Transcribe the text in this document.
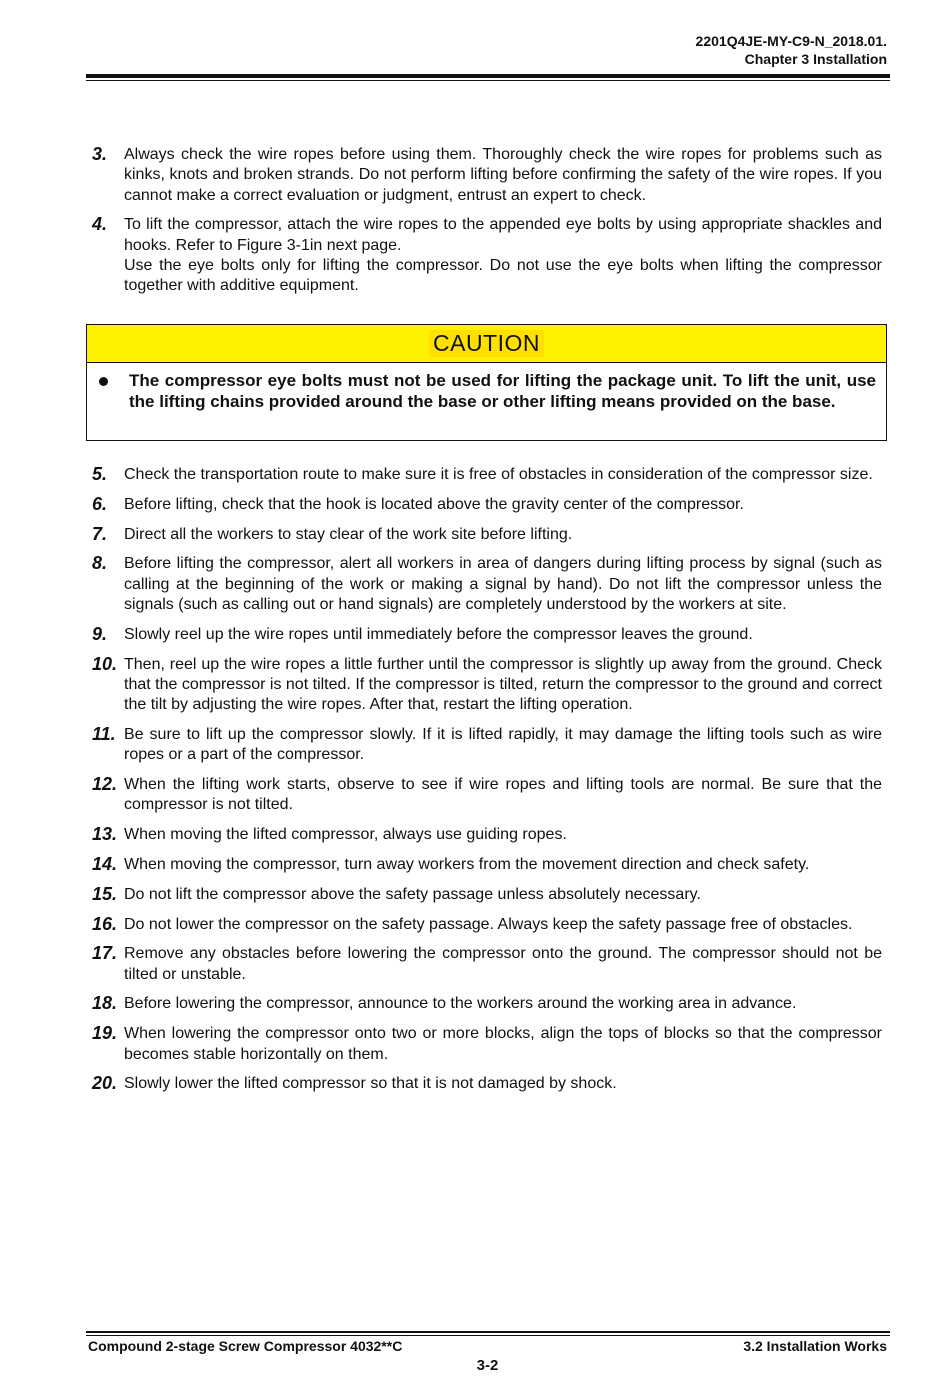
2201Q4JE-MY-C9-N_2018.01.
Chapter 3 Installation
3. Always check the wire ropes before using them. Thoroughly check the wire ropes for problems such as kinks, knots and broken strands. Do not perform lifting before confirming the safety of the wire ropes. If you cannot make a correct evaluation or judgment, entrust an expert to check.
4. To lift the compressor, attach the wire ropes to the appended eye bolts by using appropriate shackles and hooks. Refer to Figure 3-1in next page.
Use the eye bolts only for lifting the compressor. Do not use the eye bolts when lifting the compressor together with additive equipment.
CAUTION
The compressor eye bolts must not be used for lifting the package unit. To lift the unit, use the lifting chains provided around the base or other lifting means provided on the base.
5. Check the transportation route to make sure it is free of obstacles in consideration of the compressor size.
6. Before lifting, check that the hook is located above the gravity center of the compressor.
7. Direct all the workers to stay clear of the work site before lifting.
8. Before lifting the compressor, alert all workers in area of dangers during lifting process by signal (such as calling at the beginning of the work or making a signal by hand). Do not lift the compressor unless the signals (such as calling out or hand signals) are completely understood by the workers at site.
9. Slowly reel up the wire ropes until immediately before the compressor leaves the ground.
10. Then, reel up the wire ropes a little further until the compressor is slightly up away from the ground. Check that the compressor is not tilted. If the compressor is tilted, return the compressor to the ground and correct the tilt by adjusting the wire ropes. After that, restart the lifting operation.
11. Be sure to lift up the compressor slowly. If it is lifted rapidly, it may damage the lifting tools such as wire ropes or a part of the compressor.
12. When the lifting work starts, observe to see if wire ropes and lifting tools are normal. Be sure that the compressor is not tilted.
13. When moving the lifted compressor, always use guiding ropes.
14. When moving the compressor, turn away workers from the movement direction and check safety.
15. Do not lift the compressor above the safety passage unless absolutely necessary.
16. Do not lower the compressor on the safety passage. Always keep the safety passage free of obstacles.
17. Remove any obstacles before lowering the compressor onto the ground. The compressor should not be tilted or unstable.
18. Before lowering the compressor, announce to the workers around the working area in advance.
19. When lowering the compressor onto two or more blocks, align the tops of blocks so that the compressor becomes stable horizontally on them.
20. Slowly lower the lifted compressor so that it is not damaged by shock.
Compound 2-stage Screw Compressor 4032**C	3.2 Installation Works
3-2
